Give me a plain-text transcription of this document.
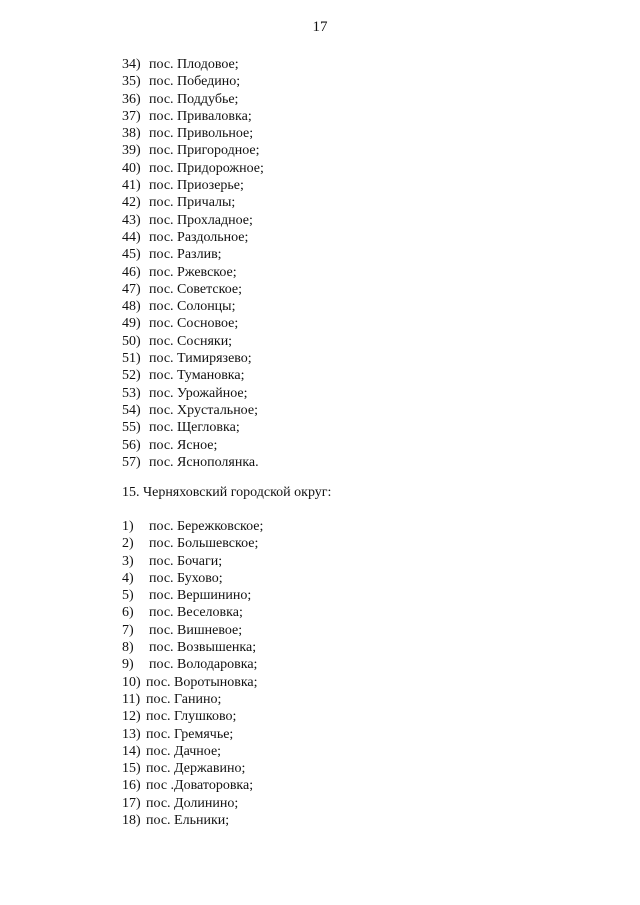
17
34) пос. Плодовое;
35) пос. Победино;
36) пос. Поддубье;
37) пос. Приваловка;
38) пос. Привольное;
39) пос. Пригородное;
40) пос. Придорожное;
41) пос. Приозерье;
42) пос. Причалы;
43) пос. Прохладное;
44) пос. Раздольное;
45) пос. Разлив;
46) пос. Ржевское;
47) пос. Советское;
48) пос. Солонцы;
49) пос. Сосновое;
50) пос. Сосняки;
51) пос. Тимирязево;
52) пос. Тумановка;
53) пос. Урожайное;
54) пос. Хрустальное;
55) пос. Щегловка;
56) пос. Ясное;
57) пос. Яснополянка.
15. Черняховский городской округ:
1) пос. Бережковское;
2) пос. Большевское;
3) пос. Бочаги;
4) пос. Бухово;
5) пос. Вершинино;
6) пос. Веселовка;
7) пос. Вишневое;
8) пос. Возвышенка;
9) пос. Володаровка;
10) пос. Воротыновка;
11) пос. Ганино;
12) пос. Глушково;
13) пос. Гремячье;
14) пос. Дачное;
15) пос. Державино;
16) пос .Доваторовка;
17) пос. Долинино;
18) пос. Ельники;
